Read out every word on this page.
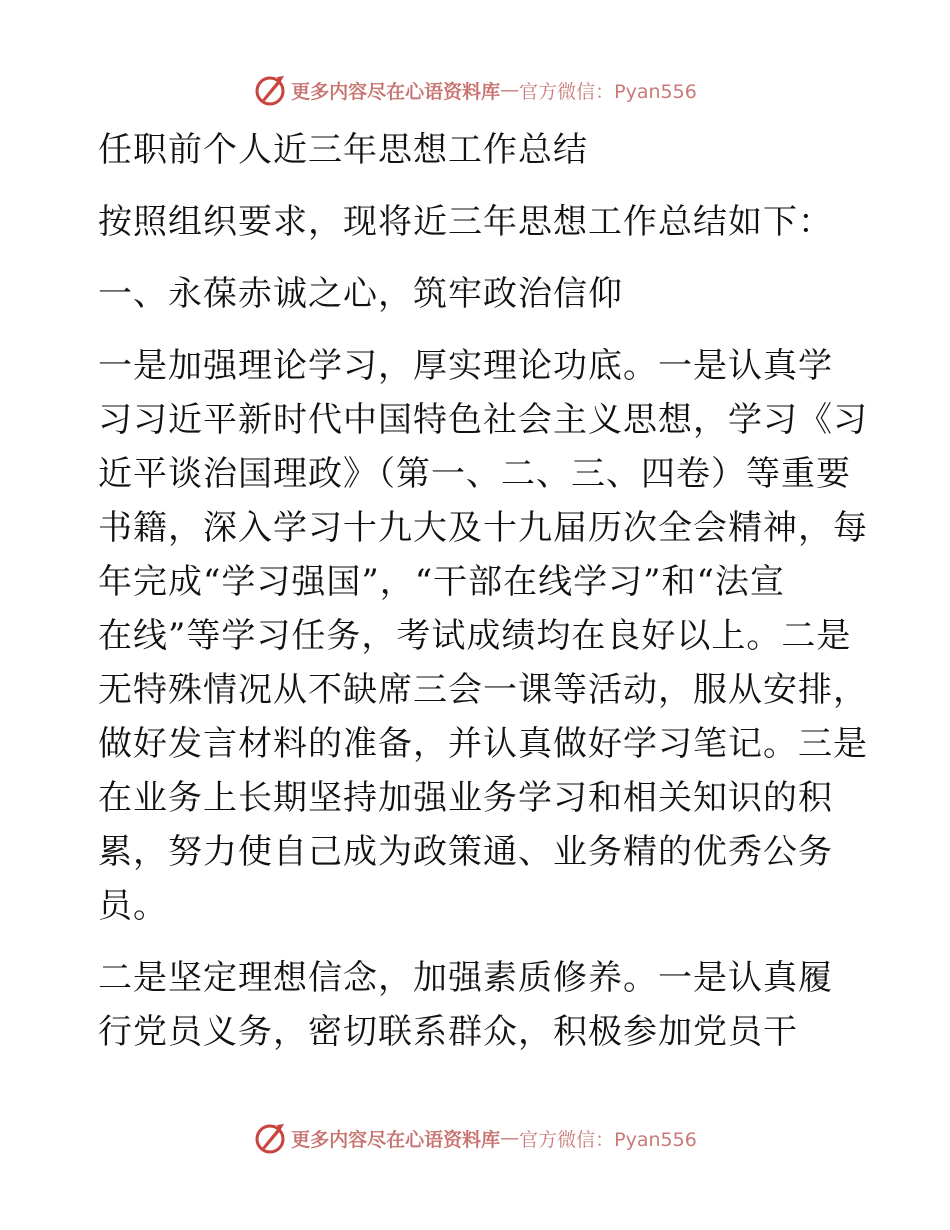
更多内容尽在心语资料库 — 官方微信：Pyan556
任职前个人近三年思想工作总结
按照组织要求，现将近三年思想工作总结如下：
一、永葆赤诚之心，筑牢政治信仰
一是加强理论学习，厚实理论功底。一是认真学
习习近平新时代中国特色社会主义思想，学习《习
近平谈治国理政》（第一、二、三、四卷）等重要
书籍，深入学习十九大及十九届历次全会精神，每
年完成“学习强国”，“干部在线学习”和“法宣
在线”等学习任务，考试成绩均在良好以上。二是
无特殊情况从不缺席三会一课等活动，服从安排，
做好发言材料的准备，并认真做好学习笔记。三是
在业务上长期坚持加强业务学习和相关知识的积
累，努力使自己成为政策通、业务精的优秀公务
员。
二是坚定理想信念，加强素质修养。一是认真履
行党员义务，密切联系群众，积极参加党员干
更多内容尽在心语资料库 — 官方微信：Pyan556
